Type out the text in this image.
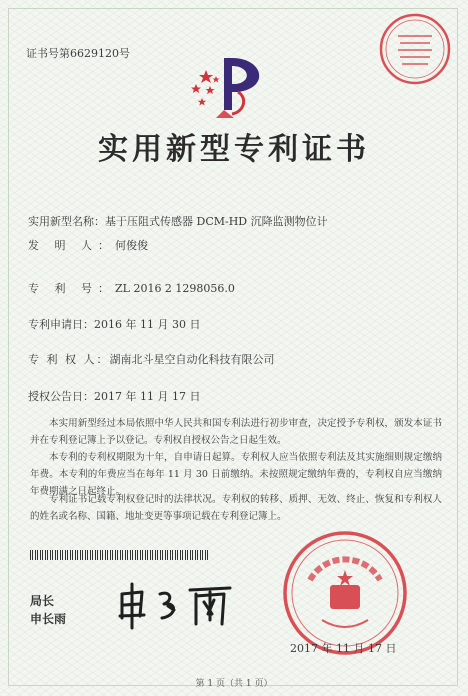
证书号第6629120号
实用新型专利证书
实用新型名称：基于压阻式传感器 DCM-HD 沉降监测物位计
发 明 人：何俊俊
专 利 号：ZL 2016 2 1298056.0
专利申请日：2016 年 11 月 30 日
专 利 权 人：湖南北斗星空自动化科技有限公司
授权公告日：2017 年 11 月 17 日
本实用新型经过本局依照中华人民共和国专利法进行初步审查，决定授予专利权，颁发本证书并在专利登记簿上予以登记。专利权自授权公告之日起生效。
本专利的专利权期限为十年，自申请日起算。专利权人应当依照专利法及其实施细则规定缴纳年费。本专利的年费应当在每年 11 月 30 日前缴纳。未按照规定缴纳年费的，专利权自应当缴纳年费期满之日起终止。
专利证书记载专利权登记时的法律状况。专利权的转移、质押、无效、终止、恢复和专利权人的姓名或名称、国籍、地址变更等事项记载在专利登记簿上。
局长
申长雨
2017 年 11 月 17 日
第 1 页（共 1 页）
